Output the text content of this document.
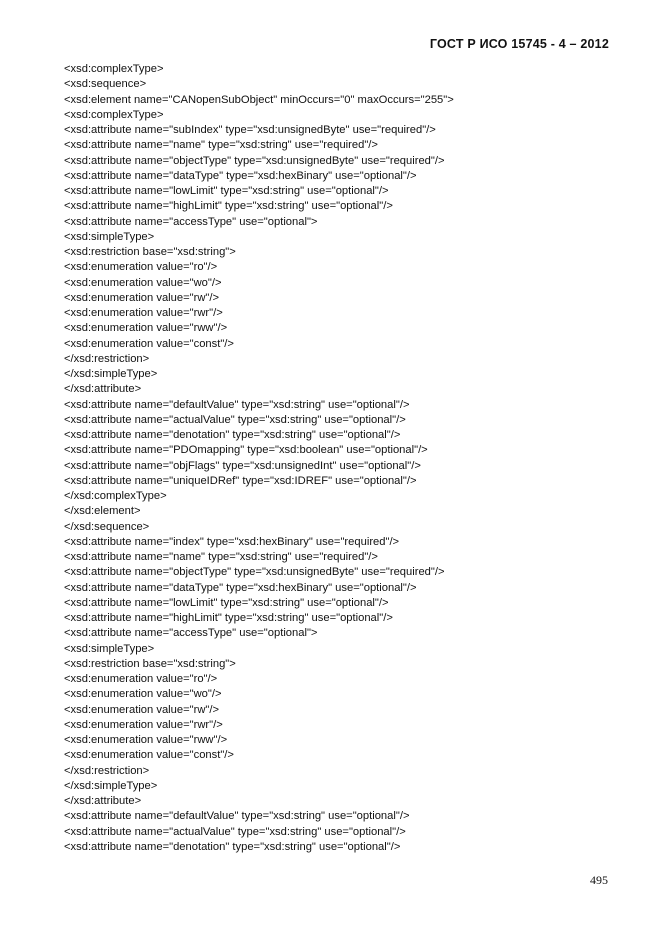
ГОСТ Р ИСО 15745 - 4 – 2012
<xsd:complexType>
<xsd:sequence>
<xsd:element name="CANopenSubObject" minOccurs="0" maxOccurs="255">
<xsd:complexType>
<xsd:attribute name="subIndex" type="xsd:unsignedByte" use="required"/>
<xsd:attribute name="name" type="xsd:string" use="required"/>
<xsd:attribute name="objectType" type="xsd:unsignedByte" use="required"/>
<xsd:attribute name="dataType" type="xsd:hexBinary" use="optional"/>
<xsd:attribute name="lowLimit" type="xsd:string" use="optional"/>
<xsd:attribute name="highLimit" type="xsd:string" use="optional"/>
<xsd:attribute name="accessType" use="optional">
<xsd:simpleType>
<xsd:restriction base="xsd:string">
<xsd:enumeration value="ro"/>
<xsd:enumeration value="wo"/>
<xsd:enumeration value="rw"/>
<xsd:enumeration value="rwr"/>
<xsd:enumeration value="rww"/>
<xsd:enumeration value="const"/>
</xsd:restriction>
</xsd:simpleType>
</xsd:attribute>
<xsd:attribute name="defaultValue" type="xsd:string" use="optional"/>
<xsd:attribute name="actualValue" type="xsd:string" use="optional"/>
<xsd:attribute name="denotation" type="xsd:string" use="optional"/>
<xsd:attribute name="PDOmapping" type="xsd:boolean" use="optional"/>
<xsd:attribute name="objFlags" type="xsd:unsignedInt" use="optional"/>
<xsd:attribute name="uniqueIDRef" type="xsd:IDREF" use="optional"/>
</xsd:complexType>
</xsd:element>
</xsd:sequence>
<xsd:attribute name="index" type="xsd:hexBinary" use="required"/>
<xsd:attribute name="name" type="xsd:string" use="required"/>
<xsd:attribute name="objectType" type="xsd:unsignedByte" use="required"/>
<xsd:attribute name="dataType" type="xsd:hexBinary" use="optional"/>
<xsd:attribute name="lowLimit" type="xsd:string" use="optional"/>
<xsd:attribute name="highLimit" type="xsd:string" use="optional"/>
<xsd:attribute name="accessType" use="optional">
<xsd:simpleType>
<xsd:restriction base="xsd:string">
<xsd:enumeration value="ro"/>
<xsd:enumeration value="wo"/>
<xsd:enumeration value="rw"/>
<xsd:enumeration value="rwr"/>
<xsd:enumeration value="rww"/>
<xsd:enumeration value="const"/>
</xsd:restriction>
</xsd:simpleType>
</xsd:attribute>
<xsd:attribute name="defaultValue" type="xsd:string" use="optional"/>
<xsd:attribute name="actualValue" type="xsd:string" use="optional"/>
<xsd:attribute name="denotation" type="xsd:string" use="optional"/>
495
